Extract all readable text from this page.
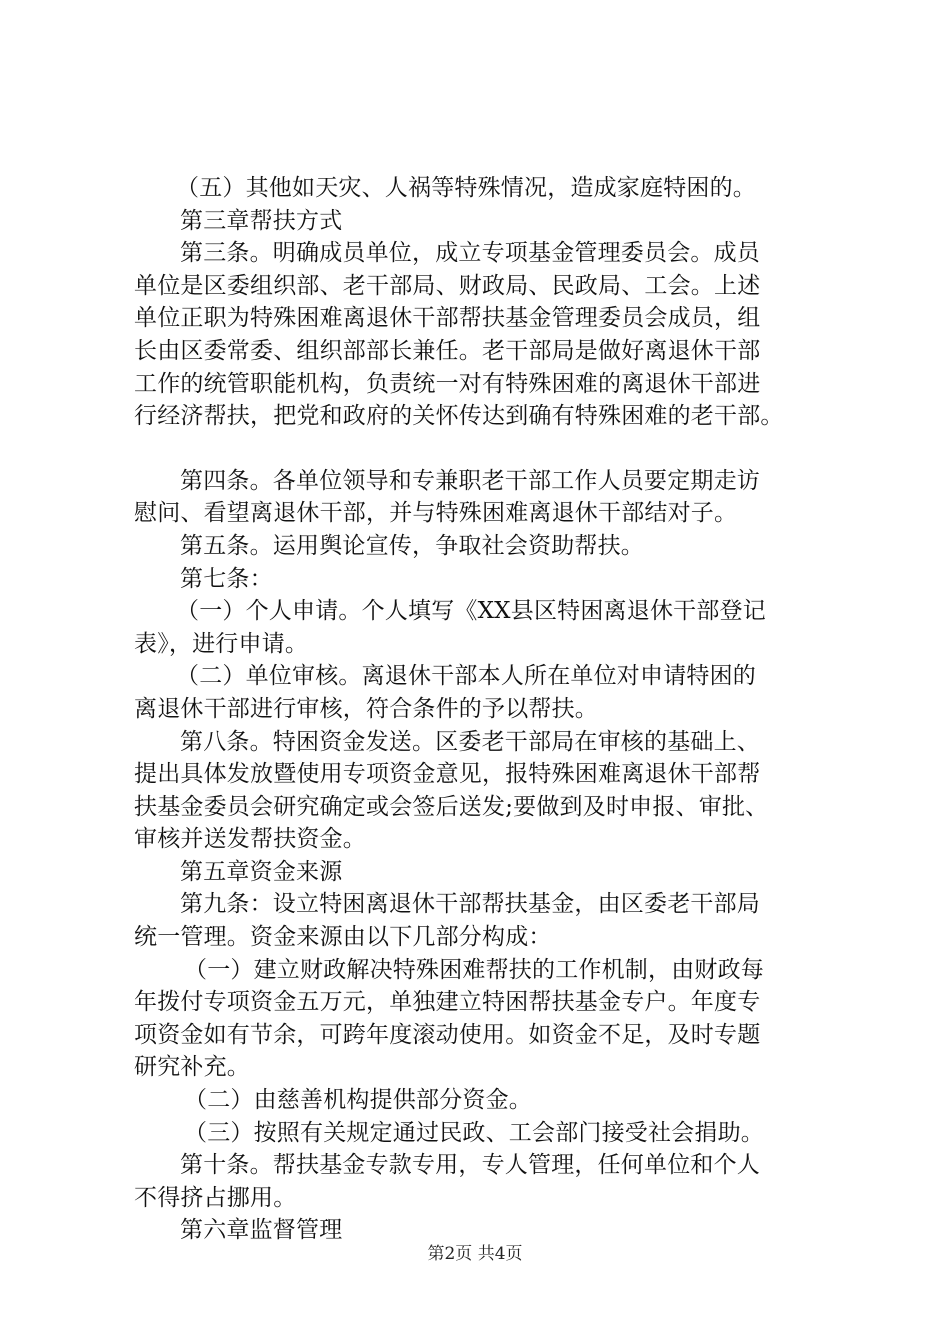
（五）其他如天灾、人祸等特殊情况，造成家庭特困的。
第三章帮扶方式
第三条。明确成员单位，成立专项基金管理委员会。成员
单位是区委组织部、老干部局、财政局、民政局、工会。上述
单位正职为特殊困难离退休干部帮扶基金管理委员会成员，组
长由区委常委、组织部部长兼任。老干部局是做好离退休干部
工作的统管职能机构，负责统一对有特殊困难的离退休干部进
行经济帮扶，把党和政府的关怀传达到确有特殊困难的老干部。
第四条。各单位领导和专兼职老干部工作人员要定期走访
慰问、看望离退休干部，并与特殊困难离退休干部结对子。
第五条。运用舆论宣传，争取社会资助帮扶。
第七条：
（一）个人申请。个人填写《XX县区特困离退休干部登记
表》，进行申请。
（二）单位审核。离退休干部本人所在单位对申请特困的
离退休干部进行审核，符合条件的予以帮扶。
第八条。特困资金发送。区委老干部局在审核的基础上、
提出具体发放暨使用专项资金意见，报特殊困难离退休干部帮
扶基金委员会研究确定或会签后送发;要做到及时申报、审批、
审核并送发帮扶资金。
第五章资金来源
第九条：设立特困离退休干部帮扶基金，由区委老干部局
统一管理。资金来源由以下几部分构成：
（一）建立财政解决特殊困难帮扶的工作机制，由财政每
年拨付专项资金五万元，单独建立特困帮扶基金专户。年度专
项资金如有节余，可跨年度滚动使用。如资金不足，及时专题
研究补充。
（二）由慈善机构提供部分资金。
（三）按照有关规定通过民政、工会部门接受社会捐助。
第十条。帮扶基金专款专用，专人管理，任何单位和个人
不得挤占挪用。
第六章监督管理
第2页 共4页
